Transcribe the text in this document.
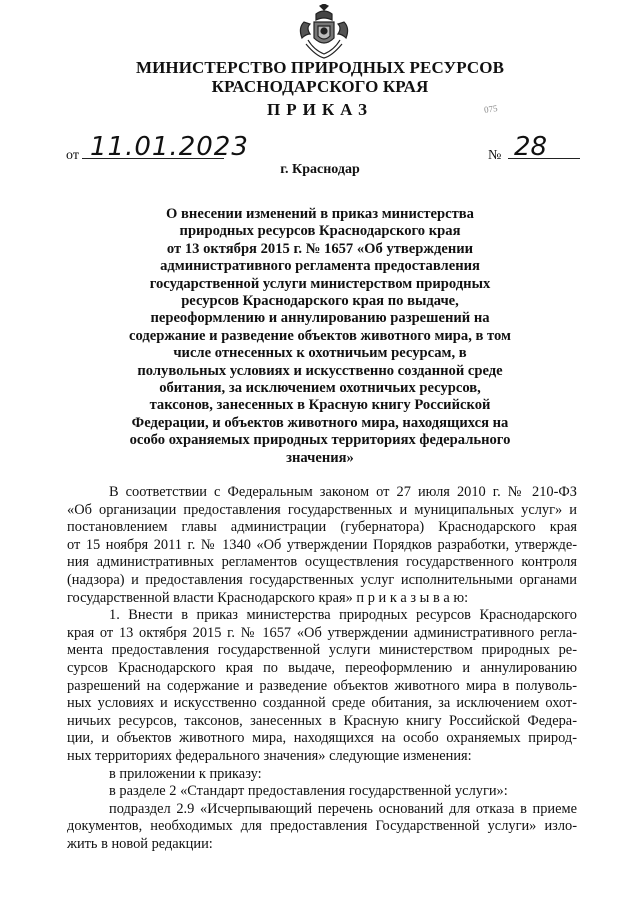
МИНИСТЕРСТВО ПРИРОДНЫХ РЕСУРСОВ
КРАСНОДАРСКОГО КРАЯ
ПРИКАЗ	075
от 11.01.2023	№ 28
г. Краснодар
О внесении изменений в приказ министерства
природных ресурсов Краснодарского края
от 13 октября 2015 г. № 1657 «Об утверждении
административного регламента предоставления
государственной услуги министерством природных
ресурсов Краснодарского края по выдаче,
переоформлению и аннулированию разрешений на
содержание и разведение объектов животного мира, в том
числе отнесенных к охотничьим ресурсам, в
полувольных условиях и искусственно созданной среде
обитания, за исключением охотничьих ресурсов,
таксонов, занесенных в Красную книгу Российской
Федерации, и объектов животного мира, находящихся на
особо охраняемых природных территориях федерального
значения»
В соответствии с Федеральным законом от 27 июля 2010 г. № 210-ФЗ
«Об организации предоставления государственных и муниципальных услуг» и
постановлением главы администрации (губернатора) Краснодарского края
от 15 ноября 2011 г. № 1340 «Об утверждении Порядков разработки, утвержде-
ния административных регламентов осуществления государственного контроля
(надзора) и предоставления государственных услуг исполнительными органами
государственной власти Краснодарского края» п р и к а з ы в а ю:
1. Внести в приказ министерства природных ресурсов Краснодарского
края от 13 октября 2015 г. № 1657 «Об утверждении административного регла-
мента предоставления государственной услуги министерством природных ре-
сурсов Краснодарского края по выдаче, переоформлению и аннулированию
разрешений на содержание и разведение объектов животного мира в полуволь-
ных условиях и искусственно созданной среде обитания, за исключением охот-
ничьих ресурсов, таксонов, занесенных в Красную книгу Российской Федера-
ции, и объектов животного мира, находящихся на особо охраняемых природ-
ных территориях федерального значения» следующие изменения:
в приложении к приказу:
в разделе 2 «Стандарт предоставления государственной услуги»:
подраздел 2.9 «Исчерпывающий перечень оснований для отказа в приеме
документов, необходимых для предоставления Государственной услуги» изло-
жить в новой редакции:
